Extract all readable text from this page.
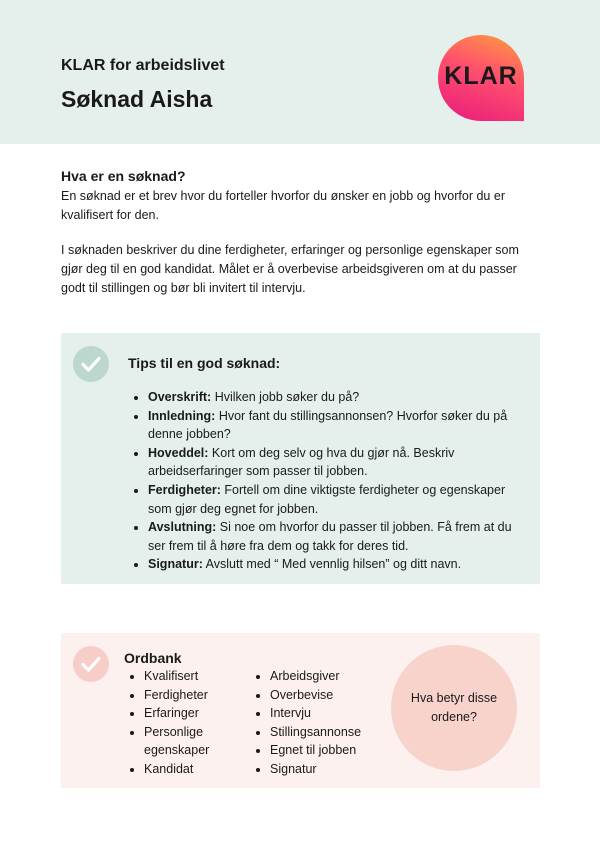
KLAR for arbeidslivet
Søknad Aisha
KLAR
Hva er en søknad?
En søknad er et brev hvor du forteller hvorfor du ønsker en jobb og hvorfor du er kvalifisert for den.
I søknaden beskriver du dine ferdigheter, erfaringer og personlige egenskaper som gjør deg til en god kandidat. Målet er å overbevise arbeidsgiveren om at du passer godt til stillingen og bør bli invitert til intervju.
Tips til en god søknad:
• Overskrift: Hvilken jobb søker du på?
• Innledning: Hvor fant du stillingsannonsen? Hvorfor søker du på denne jobben?
• Hoveddel: Kort om deg selv og hva du gjør nå. Beskriv arbeidserfaringer som passer til jobben.
• Ferdigheter: Fortell om dine viktigste ferdigheter og egenskaper som gjør deg egnet for jobben.
• Avslutning: Si noe om hvorfor du passer til jobben. Få frem at du ser frem til å høre fra dem og takk for deres tid.
• Signatur: Avslutt med “ Med vennlig hilsen” og ditt navn.
Ordbank
• Kvalifisert
• Ferdigheter
• Erfaringer
• Personlige egenskaper
• Kandidat
• Arbeidsgiver
• Overbevise
• Intervju
• Stillingsannonse
• Egnet til jobben
• Signatur
Hva betyr disse ordene?
